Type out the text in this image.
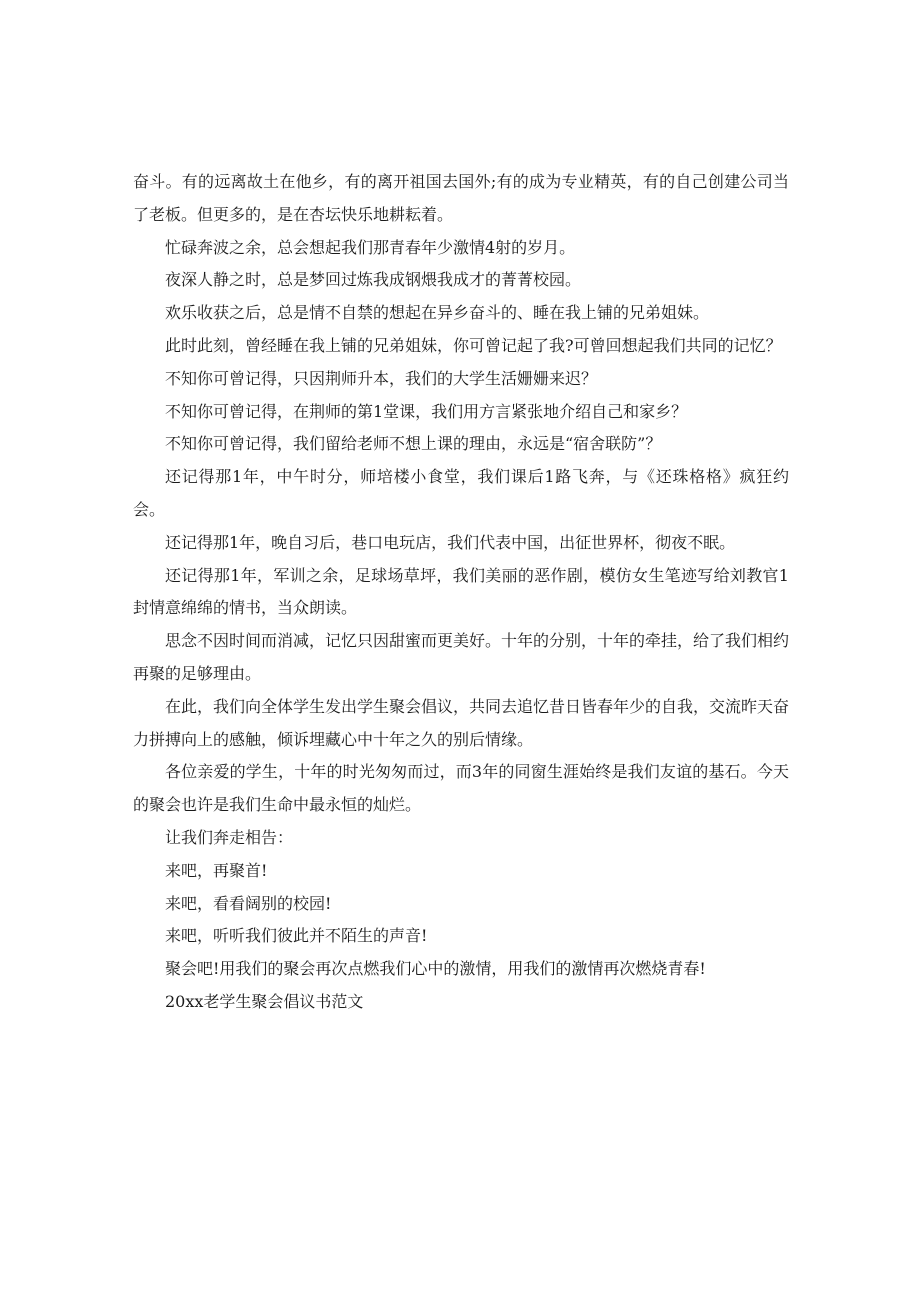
奋斗。有的远离故土在他乡，有的离开祖国去国外;有的成为专业精英，有的自己创建公司当了老板。但更多的，是在杏坛快乐地耕耘着。

忙碌奔波之余，总会想起我们那青春年少激情4射的岁月。

夜深人静之时，总是梦回过炼我成钢煨我成才的菁菁校园。

欢乐收获之后，总是情不自禁的想起在异乡奋斗的、睡在我上铺的兄弟姐妹。

此时此刻，曾经睡在我上铺的兄弟姐妹，你可曾记起了我?可曾回想起我们共同的记忆？

不知你可曾记得，只因荆师升本，我们的大学生活姗姗来迟？

不知你可曾记得，在荆师的第1堂课，我们用方言紧张地介绍自己和家乡？

不知你可曾记得，我们留给老师不想上课的理由，永远是“宿舍联防”？

还记得那1年，中午时分，师培楼小食堂，我们课后1路飞奔，与《还珠格格》疯狂约会。

还记得那1年，晚自习后，巷口电玩店，我们代表中国，出征世界杯，彻夜不眠。

还记得那1年，军训之余，足球场草坪，我们美丽的恶作剧，模仿女生笔迹写给刘教官1封情意绵绵的情书，当众朗读。

思念不因时间而消减，记忆只因甜蜜而更美好。十年的分别，十年的牵挂，给了我们相约再聚的足够理由。

在此，我们向全体学生发出学生聚会倡议，共同去追忆昔日皆春年少的自我，交流昨天奋力拼搏向上的感触，倾诉埋藏心中十年之久的别后情缘。

各位亲爱的学生，十年的时光匆匆而过，而3年的同窗生涯始终是我们友谊的基石。今天的聚会也许是我们生命中最永恒的灿烂。

让我们奔走相告：

来吧，再聚首!

来吧，看看阔别的校园!

来吧，听听我们彼此并不陌生的声音!

聚会吧!用我们的聚会再次点燃我们心中的激情，用我们的激情再次燃烧青春!

20xx老学生聚会倡议书范文
